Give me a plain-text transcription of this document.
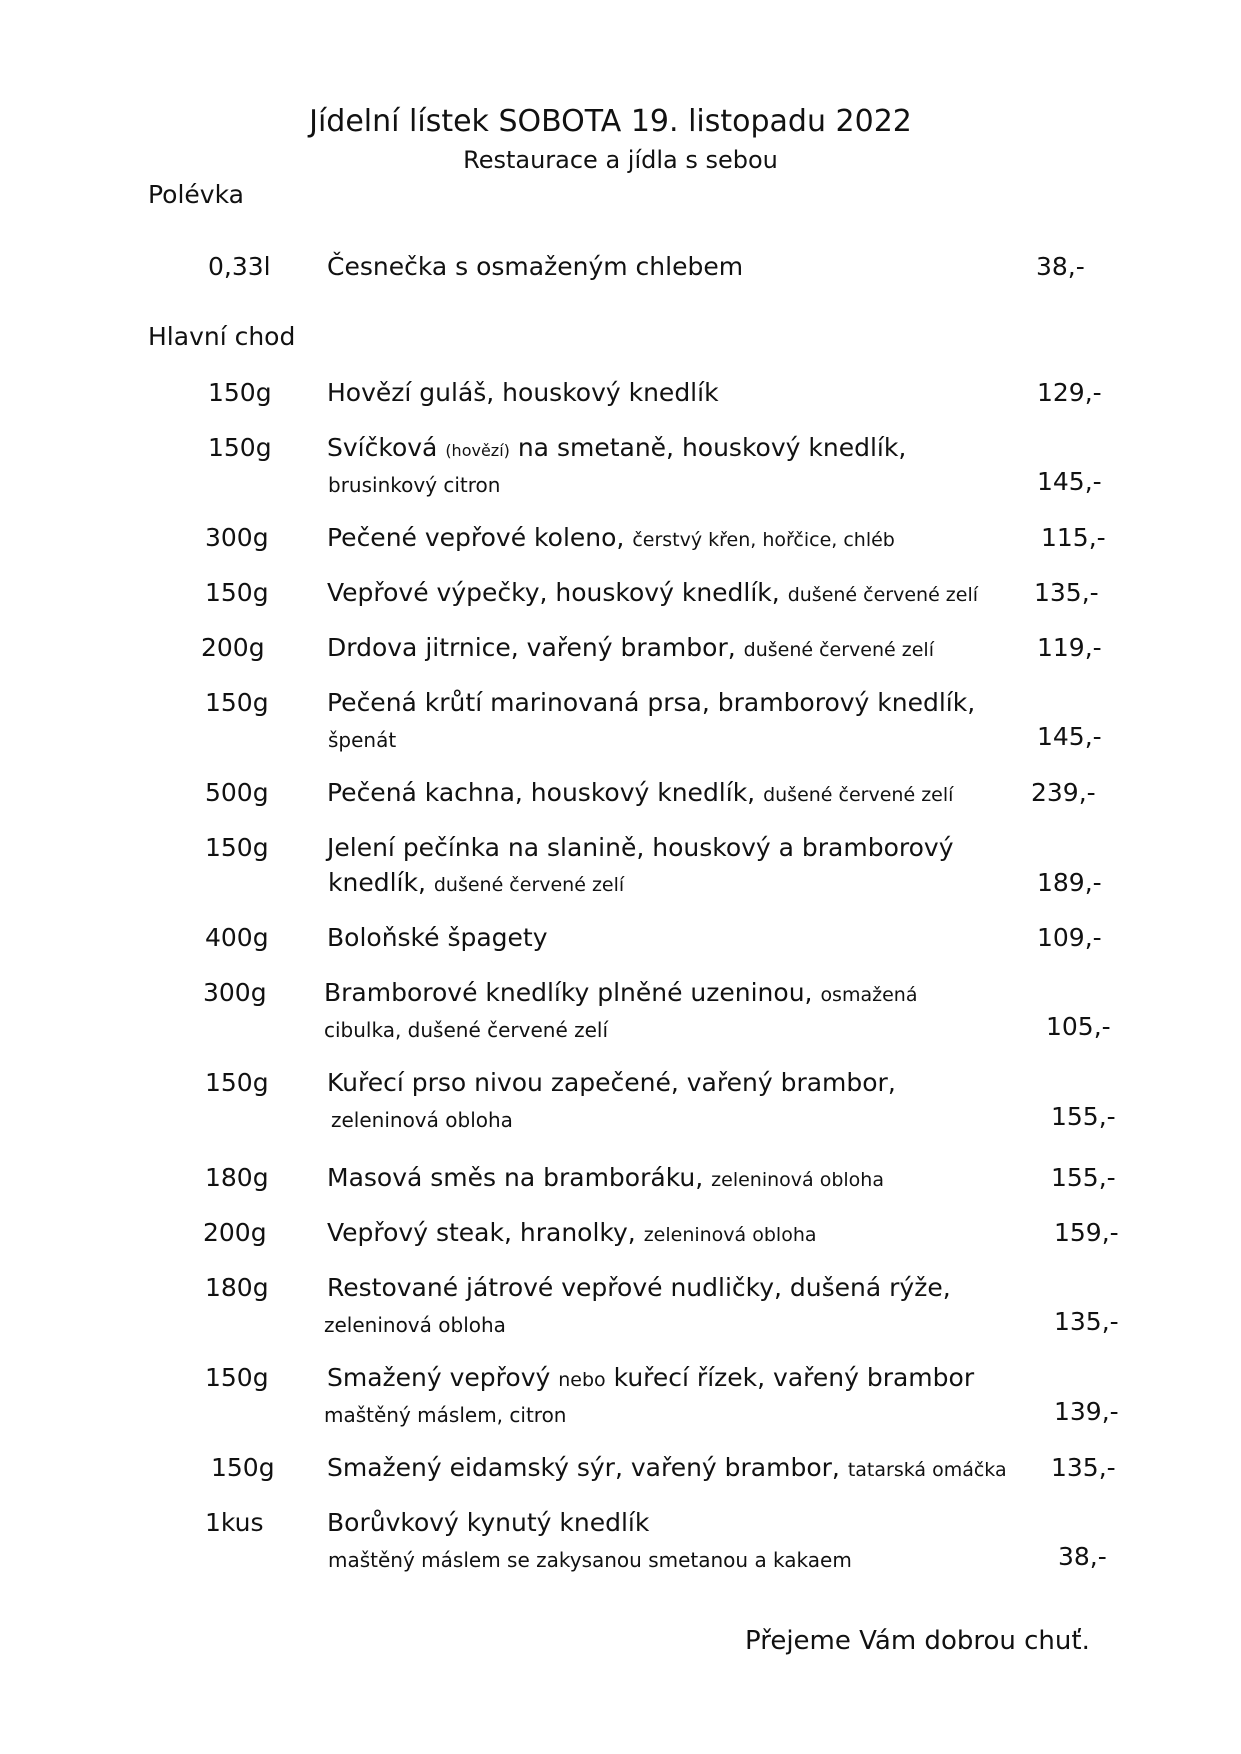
Jídelní lístek SOBOTA 19. listopadu 2022
Restaurace a jídla s sebou
Polévka
0,33l Česnečka s osmaženým chlebem	38,-
Hlavní chod
150g Hovězí guláš, houskový knedlík	129,-
150g Svíčková (hovězí) na smetaně, houskový knedlík,
brusinkový citron	145,-
300g Pečené vepřové koleno, čerstvý křen, hořčice, chléb	115,-
150g Vepřové výpečky, houskový knedlík, dušené červené zelí 135,-
200g Drdova jitrnice, vařený brambor, dušené červené zelí	119,-
150g Pečená krůtí marinovaná prsa, bramborový knedlík,
špenát	145,-
500g Pečená kachna, houskový knedlík, dušené červené zelí	239,-
150g Jelení pečínka na slanině, houskový a bramborový
knedlík, dušené červené zelí	189,-
400g Boloňské špagety	109,-
300g Bramborové knedlíky plněné uzeninou, osmažená
cibulka, dušené červené zelí	105,-
150g Kuřecí prso nivou zapečené, vařený brambor,
zeleninová obloha	155,-
180g Masová směs na bramboráku, zeleninová obloha	155,-
200g Vepřový steak, hranolky, zeleninová obloha	159,-
180g Restované játrové vepřové nudličky, dušená rýže,
zeleninová obloha	135,-
150g Smažený vepřový nebo kuřecí řízek, vařený brambor
maštěný máslem, citron	139,-
150g Smažený eidamský sýr, vařený brambor, tatarská omáčka 135,-
1kus	Borůvkový kynutý knedlík
maštěný máslem se zakysanou smetanou a kakaem	38,-
Přejeme Vám dobrou chuť.
